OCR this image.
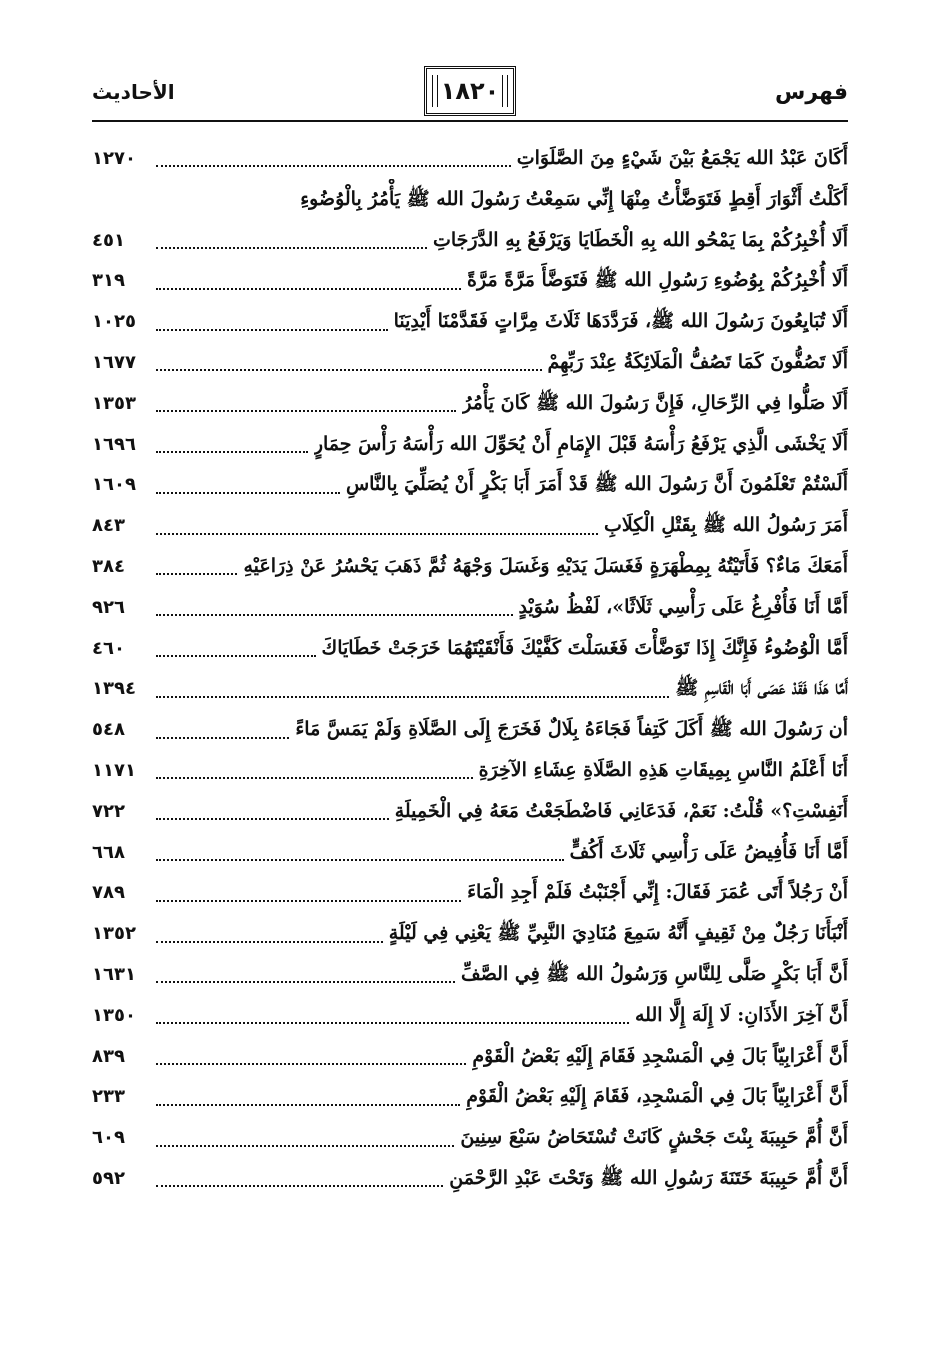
فهرس
١٨٢٠
الأحاديث
أَكَانَ عَبْدُ الله يَجْمَعُ بَيْنَ شَيْءٍ مِنَ الصَّلَوَاتِ
١٢٧٠
أَكَلْتُ أَثْوَارَ أَقِطٍ فَتَوَضَّأْتُ مِنْهَا إِنِّي سَمِعْتُ رَسُولَ الله ﷺ يَأْمُرُ بِالْوُضُوءِ
أَلَا أُخْبِرُكُمْ بِمَا يَمْحُو الله بِهِ الْخَطَايَا وَيَرْفَعُ بِهِ الدَّرَجَاتِ
٤٥١
أَلَا أُخْبِرُكُمْ بِوُضُوءِ رَسُولِ الله ﷺ فَتَوَضَّأَ مَرَّةً مَرَّةً
٣١٩
أَلَا تُبَايِعُونَ رَسُولَ الله ﷺ، فَرَدَّدَهَا ثَلَاثَ مِرَّاتٍ فَقَدَّمْنَا أَيْدِيَنَا
١٠٢٥
أَلَا تَصُفُّونَ كَمَا تَصُفُّ الْمَلَائِكَةُ عِنْدَ رَبِّهِمْ
١٦٧٧
أَلَا صَلُّوا فِي الرِّحَالِ، فَإِنَّ رَسُولَ الله ﷺ كَانَ يَأْمُرُ
١٣٥٣
أَلَا يَخْشَى الَّذِي يَرْفَعُ رَأْسَهُ قَبْلَ الإِمَامِ أَنْ يُحَوِّلَ الله رَأْسَهُ رَأْسَ حِمَارٍ
١٦٩٦
أَلَسْتُمْ تَعْلَمُونَ أَنَّ رَسُولَ الله ﷺ قَدْ أَمَرَ أَبَا بَكْرٍ أَنْ يُصَلِّيَ بِالنَّاسِ
١٦٠٩
أَمَرَ رَسُولُ الله ﷺ بِقَتْلِ الْكِلَابِ
٨٤٣
أَمَعَكَ مَاءٌ؟ فَأَتَيْتُهُ بِمِطْهَرَةٍ فَغَسَلَ يَدَيْهِ وَغَسَلَ وَجْهَهُ ثُمَّ ذَهَبَ يَحْسُرُ عَنْ ذِرَاعَيْهِ
٣٨٤
أَمَّا أَنَا فَأُفْرِغُ عَلَى رَأْسِي ثَلَاثًا»، لَفْظُ سُوَيْدٍ
٩٢٦
أَمَّا الْوُضُوءُ فَإِنَّكَ إِذَا تَوَضَّأْتَ فَغَسَلْتَ كَفَّيْكَ فَأَنْقَيْتَهُمَا خَرَجَتْ خَطَايَاكَ
٤٦٠
أَمَّا هَذَا فَقَدْ عَصَى أَبَا الْقَاسِمِ ﷺ
١٣٩٤
أن رَسُولَ الله ﷺ أَكَلَ كَتِفاً فَجَاءَهُ بِلَالٌ فَخَرَجَ إِلَى الصَّلَاةِ وَلَمْ يَمَسَّ مَاءً
٥٤٨
أَنَا أَعْلَمُ النَّاسِ بِمِيقَاتِ هَذِهِ الصَّلَاةِ عِشَاءِ الآخِرَةِ
١١٧١
أَنَفِسْتِ؟» قُلْتُ: نَعَمْ، فَدَعَانِي فَاضْطَجَعْتُ مَعَهُ فِي الْخَمِيلَةِ
٧٢٢
أَمَّا أَنَا فَأُفِيضُ عَلَى رَأْسِي ثَلَاثَ أَكُفٍّ
٦٦٨
أَنْ رَجُلاً أَتَى عُمَرَ فَقَالَ: إِنِّي أَجْنَبْتُ فَلَمْ أَجِدِ الْمَاءَ
٧٨٩
أَنْبَأَنَا رَجُلٌ مِنْ ثَقِيفٍ أَنَّهُ سَمِعَ مُنَادِيَ النَّبِيِّ ﷺ يَعْنِي فِي لَيْلَةٍ
١٣٥٢
أَنَّ أَبَا بَكْرٍ صَلَّى لِلنَّاسِ وَرَسُولُ الله ﷺ فِي الصَّفِّ
١٦٣١
أَنَّ آخِرَ الأَذَانِ: لَا إِلَهَ إِلَّا الله
١٣٥٠
أَنَّ أَعْرَابِيّاً بَالَ فِي الْمَسْجِدِ فَقَامَ إِلَيْهِ بَعْضُ الْقَوْمِ
٨٣٩
أَنَّ أَعْرَابِيّاً بَالَ فِي الْمَسْجِدِ، فَقَامَ إِلَيْهِ بَعْضُ الْقَوْمِ
٢٣٣
أَنَّ أُمَّ حَبِيبَةَ بِنْتَ جَحْشٍ كَانَتْ تُسْتَحَاضُ سَبْعَ سِنِينَ
٦٠٩
أَنَّ أُمَّ حَبِيبَةَ خَتَنَةَ رَسُولِ الله ﷺ وَتَحْتَ عَبْدِ الرَّحْمَنِ
٥٩٢
